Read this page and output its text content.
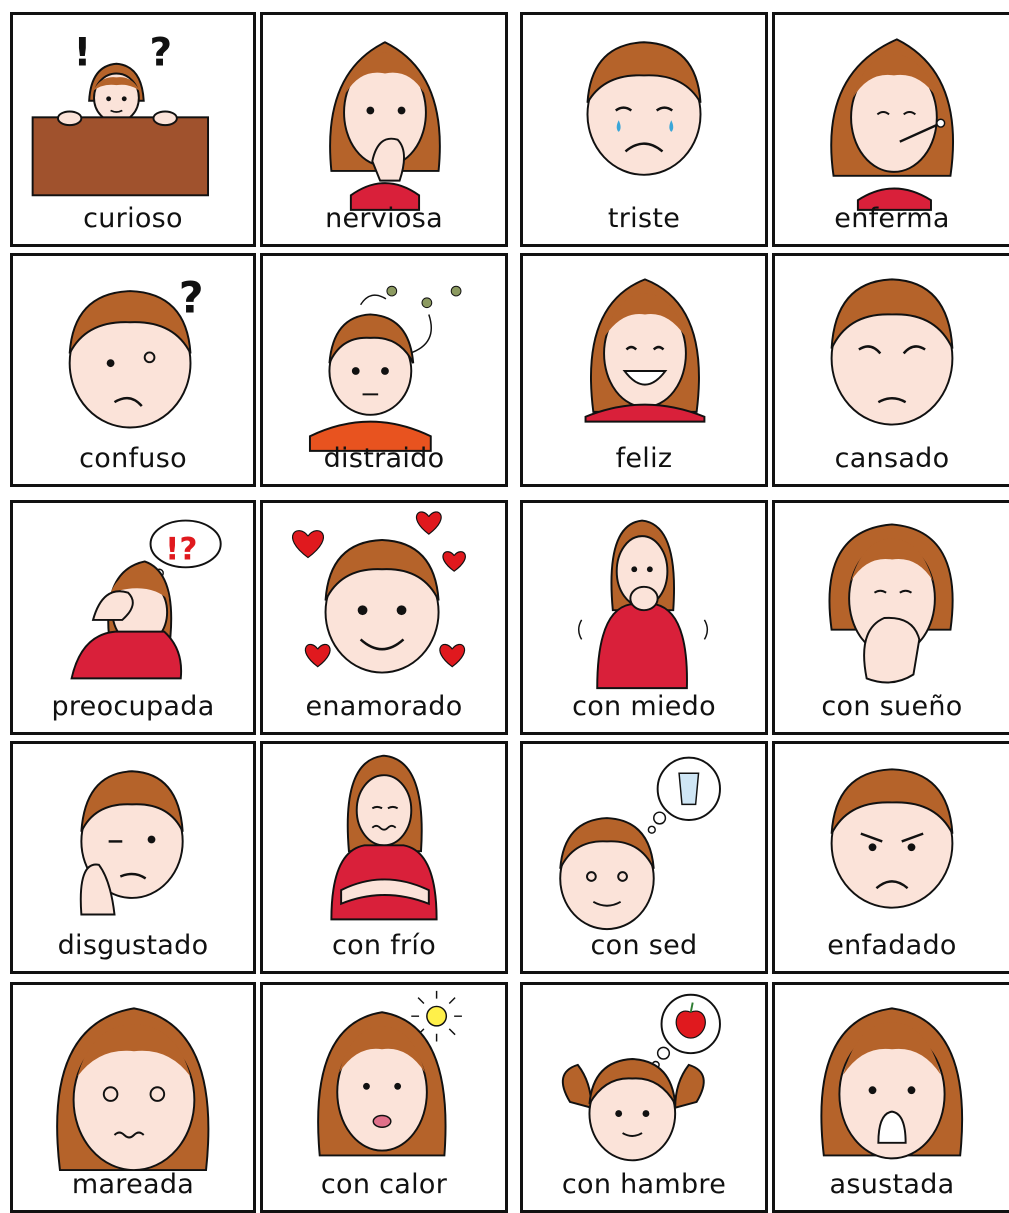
! ?
curioso	nerviosa	triste	enferma
?
confuso	distraido	feliz	cansado
!?
preocupada	enamorado	con miedo	con sueño
disgustado	con frío	con sed	enfadado
mareada	con calor	con hambre	asustada
